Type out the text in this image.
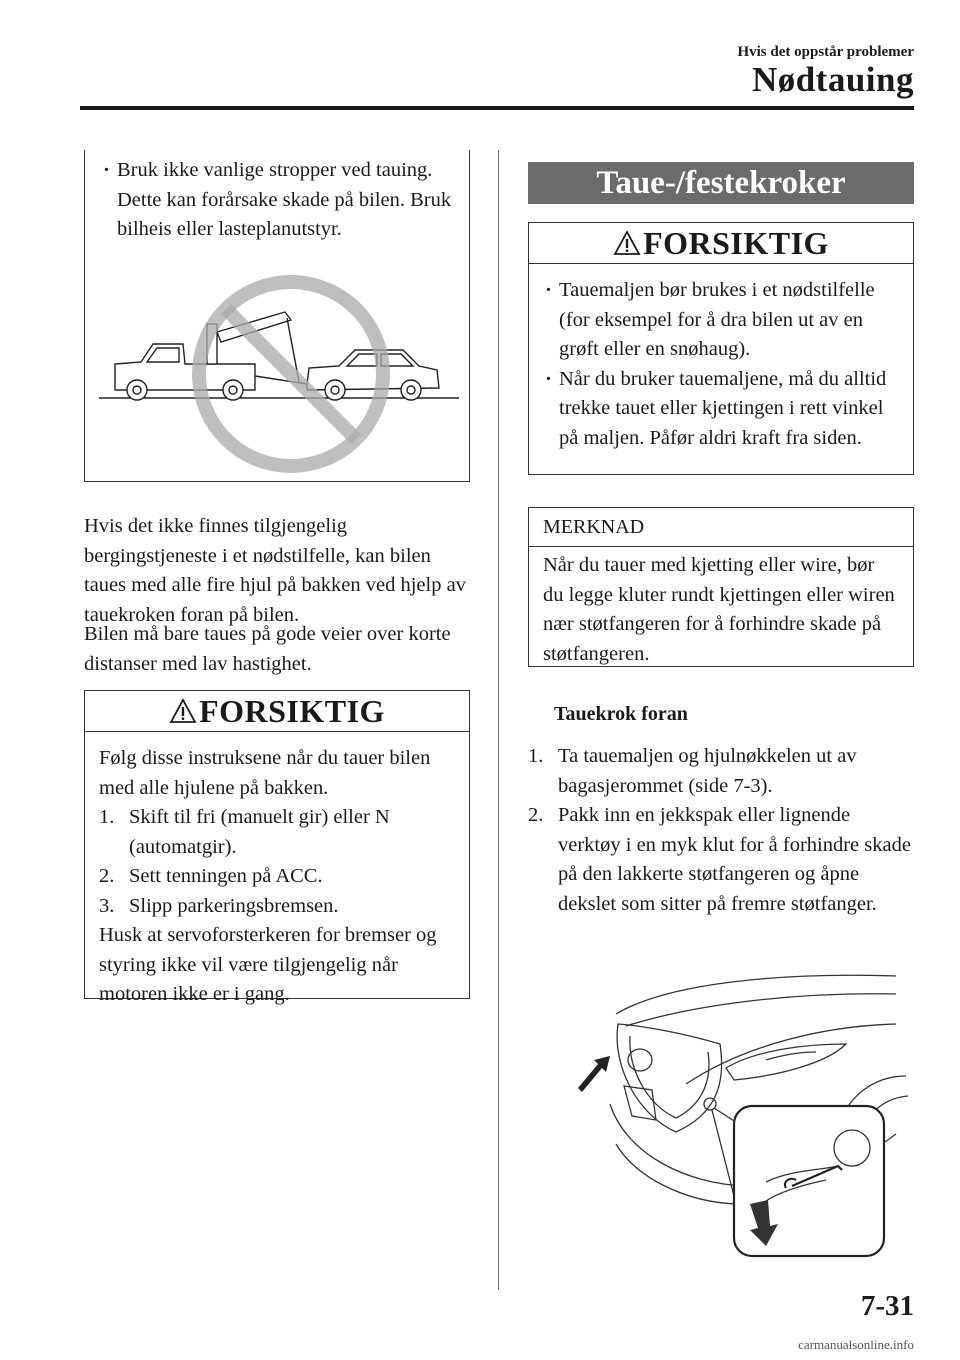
Hvis det oppstår problemer
Nødtauing
· Bruk ikke vanlige stropper ved tauing. Dette kan forårsake skade på bilen. Bruk bilheis eller lasteplanutstyr.
Hvis det ikke finnes tilgjengelig bergingstjeneste i et nødstilfelle, kan bilen taues med alle fire hjul på bakken ved hjelp av tauekroken foran på bilen.
Bilen må bare taues på gode veier over korte distanser med lav hastighet.
FORSIKTIG
Følg disse instruksene når du tauer bilen med alle hjulene på bakken.
1. Skift til fri (manuelt gir) eller N (automatgir).
2. Sett tenningen på ACC.
3. Slipp parkeringsbremsen.
Husk at servoforsterkeren for bremser og styring ikke vil være tilgjengelig når motoren ikke er i gang.
Taue-/festekroker
FORSIKTIG
· Tauemaljen bør brukes i et nødstilfelle (for eksempel for å dra bilen ut av en grøft eller en snøhaug).
· Når du bruker tauemaljene, må du alltid trekke tauet eller kjettingen i rett vinkel på maljen. Påfør aldri kraft fra siden.
MERKNAD
Når du tauer med kjetting eller wire, bør du legge kluter rundt kjettingen eller wiren nær støtfangeren for å forhindre skade på støtfangeren.
Tauekrok foran
1. Ta tauemaljen og hjulnøkkelen ut av bagasjerommet (side 7-3).
2. Pakk inn en jekkspak eller lignende verktøy i en myk klut for å forhindre skade på den lakkerte støtfangeren og åpne dekslet som sitter på fremre støtfanger.
7-31
carmanualsonline.info
